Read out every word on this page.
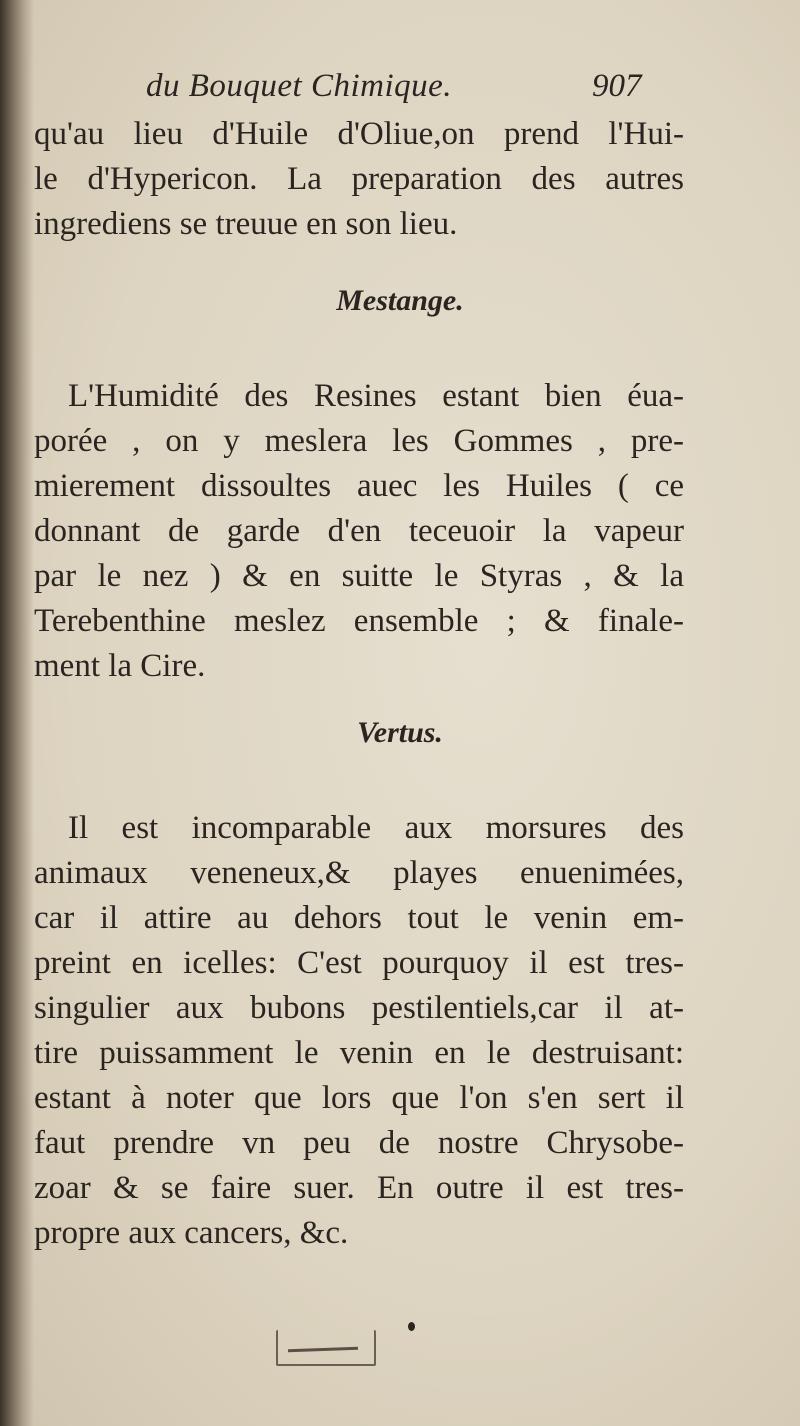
du Bouquet Chimique.	907
qu'au lieu d'Huile d'Oliue,on prend l'Hui-
le d'Hypericon. La preparation des autres
ingrediens se treuue en son lieu.
Mestange.
L'Humidité des Resines estant bien éua-
porée , on y meslera les Gommes , pre-
mierement dissoultes auec les Huiles ( ce
donnant de garde d'en teceuoir la vapeur
par le nez ) & en suitte le Styras , & la
Terebenthine meslez ensemble ; & finale-
ment la Cire.
Vertus.
Il est incomparable aux morsures des
animaux veneneux,& playes enuenimées,
car il attire au dehors tout le venin em-
preint en icelles: C'est pourquoy il est tres-
singulier aux bubons pestilentiels,car il at-
tire puissamment le venin en le destruisant:
estant à noter que lors que l'on s'en sert il
faut prendre vn peu de nostre Chrysobe-
zoar & se faire suer. En outre il est tres-
propre aux cancers, &c.
